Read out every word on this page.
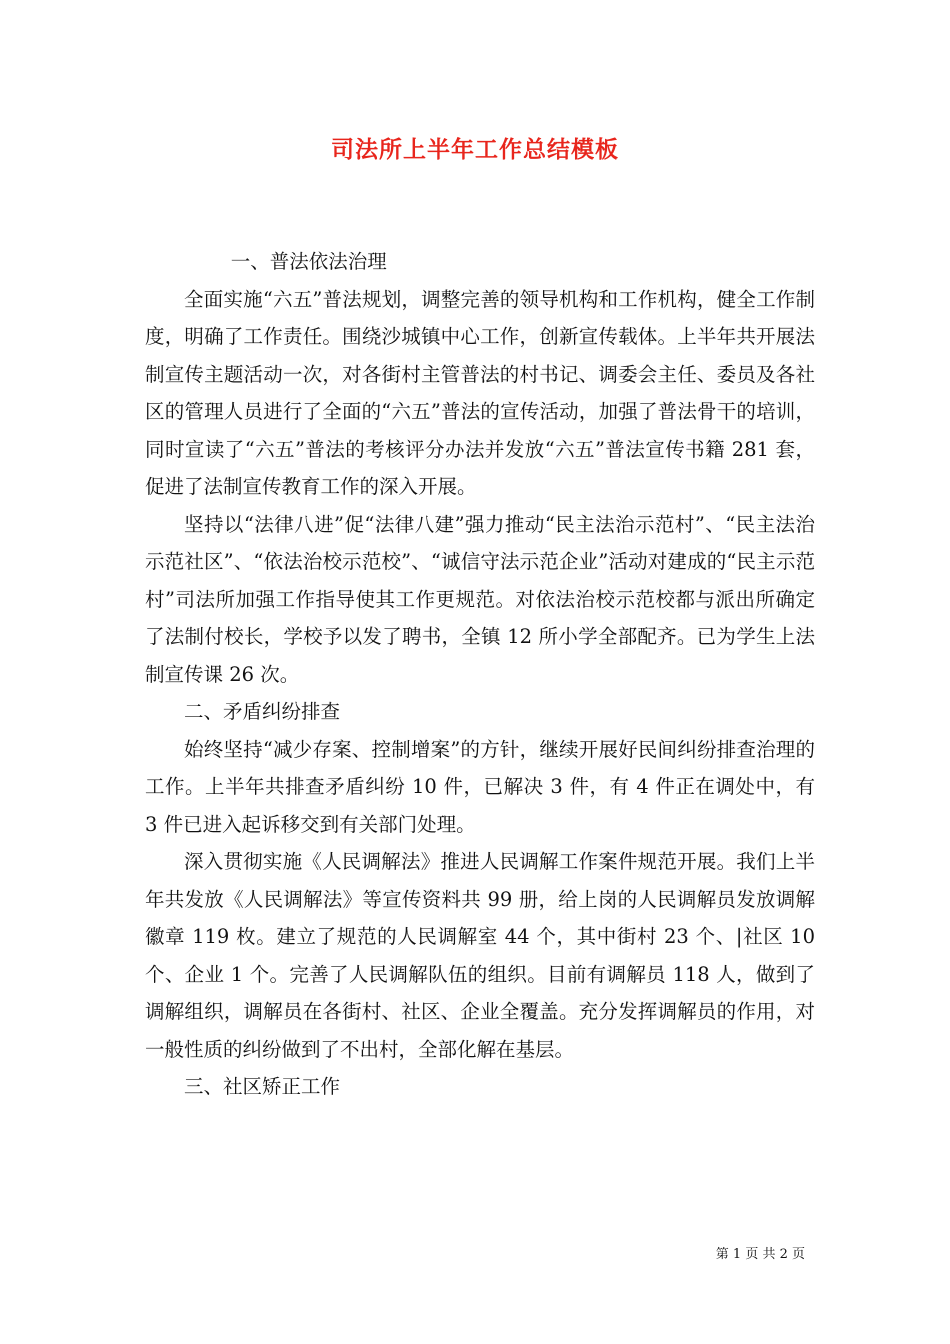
司法所上半年工作总结模板

一、普法依法治理

全面实施“六五”普法规划，调整完善的领导机构和工作机构，健全工作制度，明确了工作责任。围绕沙城镇中心工作，创新宣传载体。上半年共开展法制宣传主题活动一次，对各街村主管普法的村书记、调委会主任、委员及各社区的管理人员进行了全面的“六五”普法的宣传活动，加强了普法骨干的培训，同时宣读了“六五”普法的考核评分办法并发放“六五”普法宣传书籍 281 套，促进了法制宣传教育工作的深入开展。

坚持以“法律八进”促“法律八建”强力推动“民主法治示范村”、“民主法治示范社区”、“依法治校示范校”、“诚信守法示范企业”活动对建成的“民主示范村”司法所加强工作指导使其工作更规范。对依法治校示范校都与派出所确定了法制付校长，学校予以发了聘书，全镇 12 所小学全部配齐。已为学生上法制宣传课 26 次。

二、矛盾纠纷排查

始终坚持“减少存案、控制增案”的方针，继续开展好民间纠纷排查治理的工作。上半年共排查矛盾纠纷 10 件，已解决 3 件，有 4 件正在调处中，有 3 件已进入起诉移交到有关部门处理。

深入贯彻实施《人民调解法》推进人民调解工作案件规范开展。我们上半年共发放《人民调解法》等宣传资料共 99 册，给上岗的人民调解员发放调解徽章 119 枚。建立了规范的人民调解室 44 个，其中街村 23 个、|社区 10 个、企业 1 个。完善了人民调解队伍的组织。目前有调解员 118 人，做到了调解组织，调解员在各街村、社区、企业全覆盖。充分发挥调解员的作用，对一般性质的纠纷做到了不出村，全部化解在基层。

三、社区矫正工作

第 1 页 共 2 页
